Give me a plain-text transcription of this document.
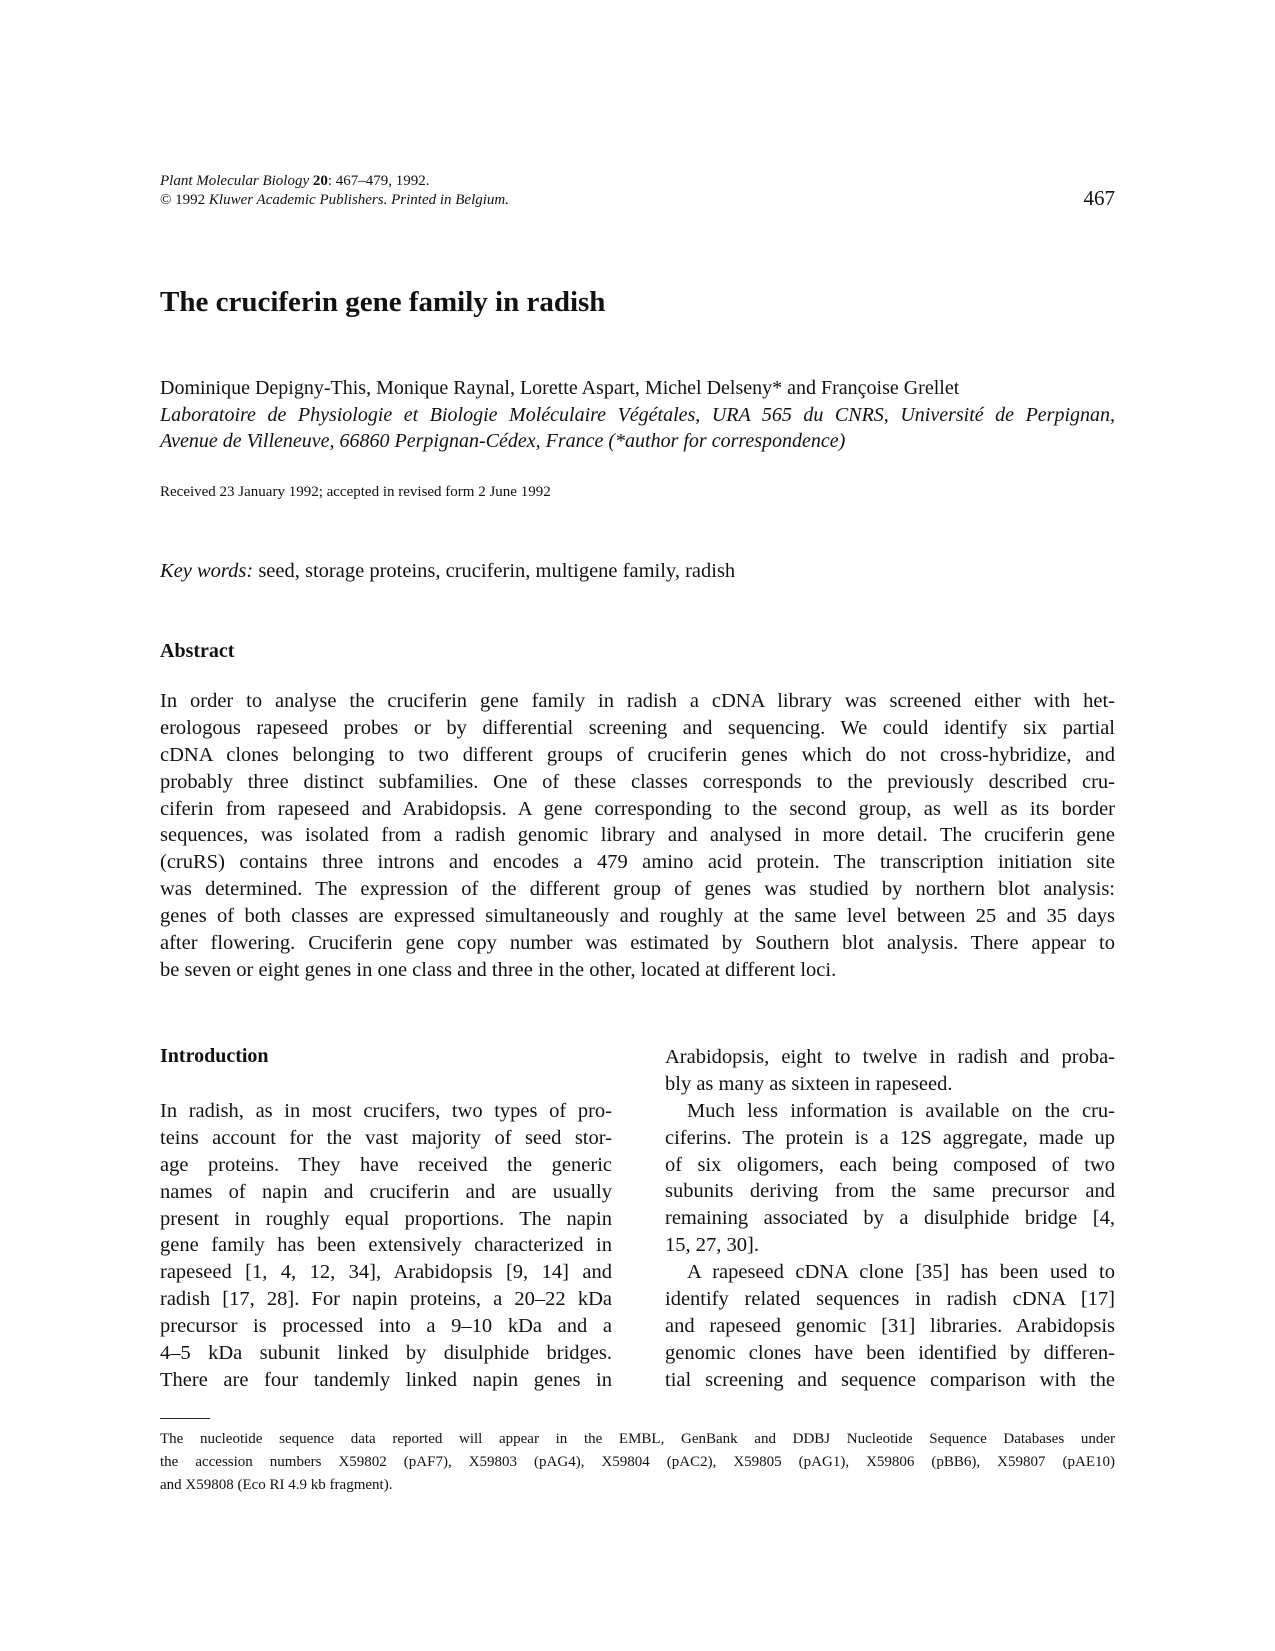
Plant Molecular Biology 20: 467–479, 1992.
© 1992 Kluwer Academic Publishers. Printed in Belgium.	467
The cruciferin gene family in radish
Dominique Depigny-This, Monique Raynal, Lorette Aspart, Michel Delseny* and Françoise Grellet
Laboratoire de Physiologie et Biologie Moléculaire Végétales, URA 565 du CNRS, Université de Perpignan,
Avenue de Villeneuve, 66860 Perpignan-Cédex, France (*author for correspondence)
Received 23 January 1992; accepted in revised form 2 June 1992
Key words: seed, storage proteins, cruciferin, multigene family, radish
Abstract
In order to analyse the cruciferin gene family in radish a cDNA library was screened either with het-
erologous rapeseed probes or by differential screening and sequencing. We could identify six partial
cDNA clones belonging to two different groups of cruciferin genes which do not cross-hybridize, and
probably three distinct subfamilies. One of these classes corresponds to the previously described cru-
ciferin from rapeseed and Arabidopsis. A gene corresponding to the second group, as well as its border
sequences, was isolated from a radish genomic library and analysed in more detail. The cruciferin gene
(cruRS) contains three introns and encodes a 479 amino acid protein. The transcription initiation site
was determined. The expression of the different group of genes was studied by northern blot analysis:
genes of both classes are expressed simultaneously and roughly at the same level between 25 and 35 days
after flowering. Cruciferin gene copy number was estimated by Southern blot analysis. There appear to
be seven or eight genes in one class and three in the other, located at different loci.
Introduction
In radish, as in most crucifers, two types of pro-
teins account for the vast majority of seed stor-
age proteins. They have received the generic
names of napin and cruciferin and are usually
present in roughly equal proportions. The napin
gene family has been extensively characterized in
rapeseed [1, 4, 12, 34], Arabidopsis [9, 14] and
radish [17, 28]. For napin proteins, a 20–22 kDa
precursor is processed into a 9–10 kDa and a
4–5 kDa subunit linked by disulphide bridges.
There are four tandemly linked napin genes in
Arabidopsis, eight to twelve in radish and proba-
bly as many as sixteen in rapeseed.
Much less information is available on the cru-
ciferins. The protein is a 12S aggregate, made up
of six oligomers, each being composed of two
subunits deriving from the same precursor and
remaining associated by a disulphide bridge [4,
15, 27, 30].
A rapeseed cDNA clone [35] has been used to
identify related sequences in radish cDNA [17]
and rapeseed genomic [31] libraries. Arabidopsis
genomic clones have been identified by differen-
tial screening and sequence comparison with the
The nucleotide sequence data reported will appear in the EMBL, GenBank and DDBJ Nucleotide Sequence Databases under
the accession numbers X59802 (pAF7), X59803 (pAG4), X59804 (pAC2), X59805 (pAG1), X59806 (pBB6), X59807 (pAE10)
and X59808 (Eco RI 4.9 kb fragment).
